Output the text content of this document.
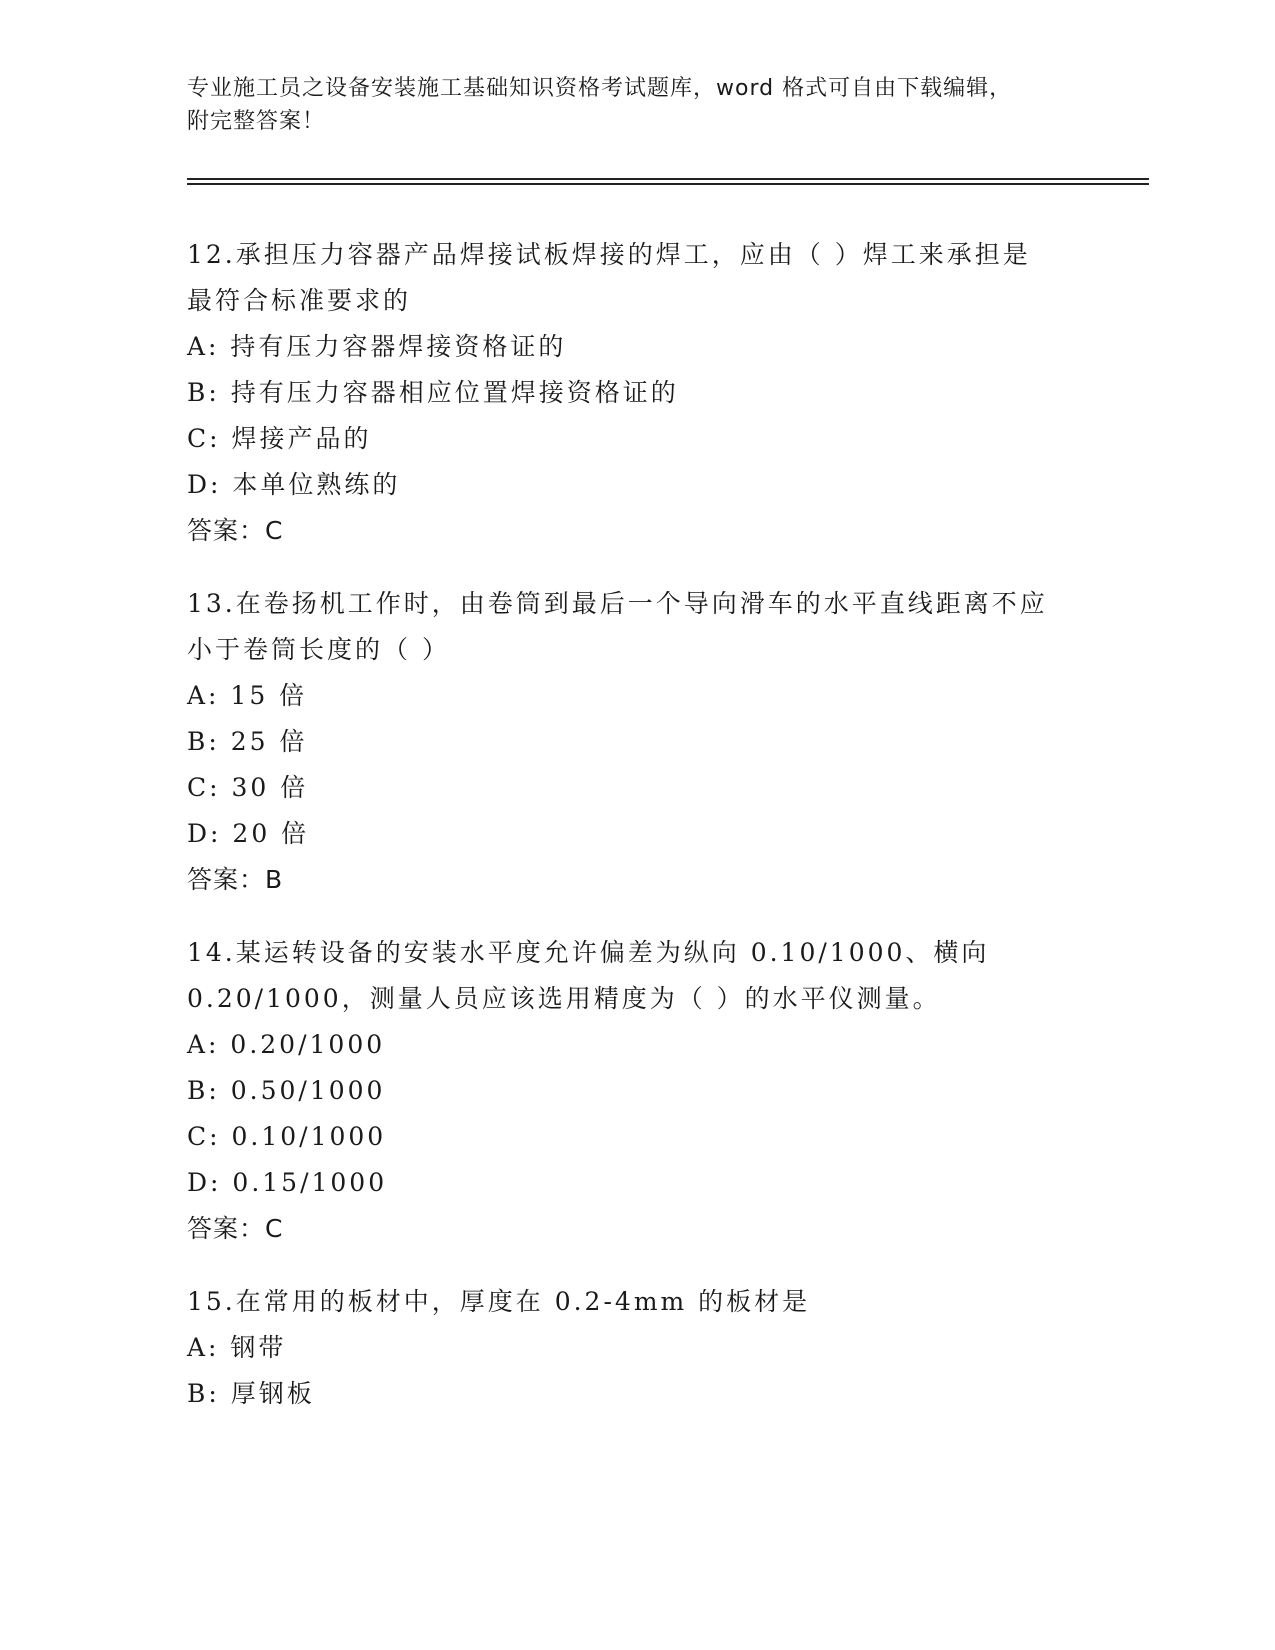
专业施工员之设备安装施工基础知识资格考试题库，word 格式可自由下载编辑，
附完整答案！
12.承担压力容器产品焊接试板焊接的焊工，应由（ ）焊工来承担是
最符合标准要求的
A: 持有压力容器焊接资格证的
B: 持有压力容器相应位置焊接资格证的
C: 焊接产品的
D: 本单位熟练的
答案：C
13.在卷扬机工作时，由卷筒到最后一个导向滑车的水平直线距离不应
小于卷筒长度的（ ）
A: 15 倍
B: 25 倍
C: 30 倍
D: 20 倍
答案：B
14.某运转设备的安装水平度允许偏差为纵向 0.10/1000、横向
0.20/1000，测量人员应该选用精度为（ ）的水平仪测量。
A: 0.20/1000
B: 0.50/1000
C: 0.10/1000
D: 0.15/1000
答案：C
15.在常用的板材中，厚度在 0.2-4mm 的板材是
A: 钢带
B: 厚钢板
